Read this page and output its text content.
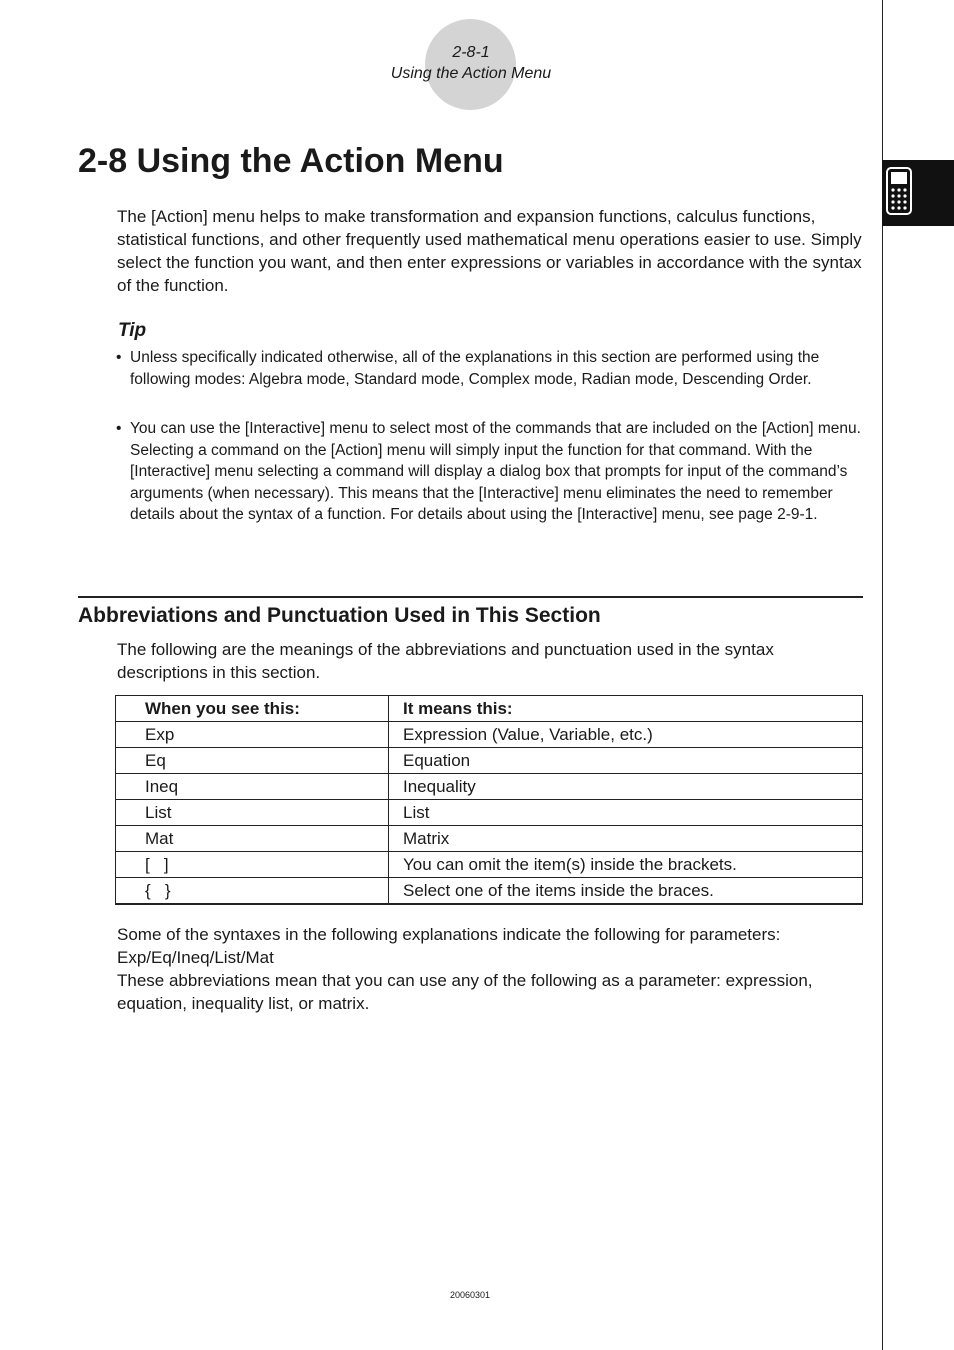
2-8-1
Using the Action Menu
2-8 Using the Action Menu

The [Action] menu helps to make transformation and expansion functions, calculus functions, statistical functions, and other frequently used mathematical menu operations easier to use. Simply select the function you want, and then enter expressions or variables in accordance with the syntax of the function.

Tip
• Unless specifically indicated otherwise, all of the explanations in this section are performed using the following modes: Algebra mode, Standard mode, Complex mode, Radian mode, Descending Order.
• You can use the [Interactive] menu to select most of the commands that are included on the [Action] menu. Selecting a command on the [Action] menu will simply input the function for that command. With the [Interactive] menu selecting a command will display a dialog box that prompts for input of the command’s arguments (when necessary). This means that the [Interactive] menu eliminates the need to remember details about the syntax of a function. For details about using the [Interactive] menu, see page 2-9-1.
Abbreviations and Punctuation Used in This Section

The following are the meanings of the abbreviations and punctuation used in the syntax descriptions in this section.

When you see this:	It means this:
Exp	Expression (Value, Variable, etc.)
Eq	Equation
Ineq	Inequality
List	List
Mat	Matrix
[   ]	You can omit the item(s) inside the brackets.
{   }	Select one of the items inside the braces.

Some of the syntaxes in the following explanations indicate the following for parameters:

Exp/Eq/Ineq/List/Mat

These abbreviations mean that you can use any of the following as a parameter: expression, equation, inequality list, or matrix.

20060301
